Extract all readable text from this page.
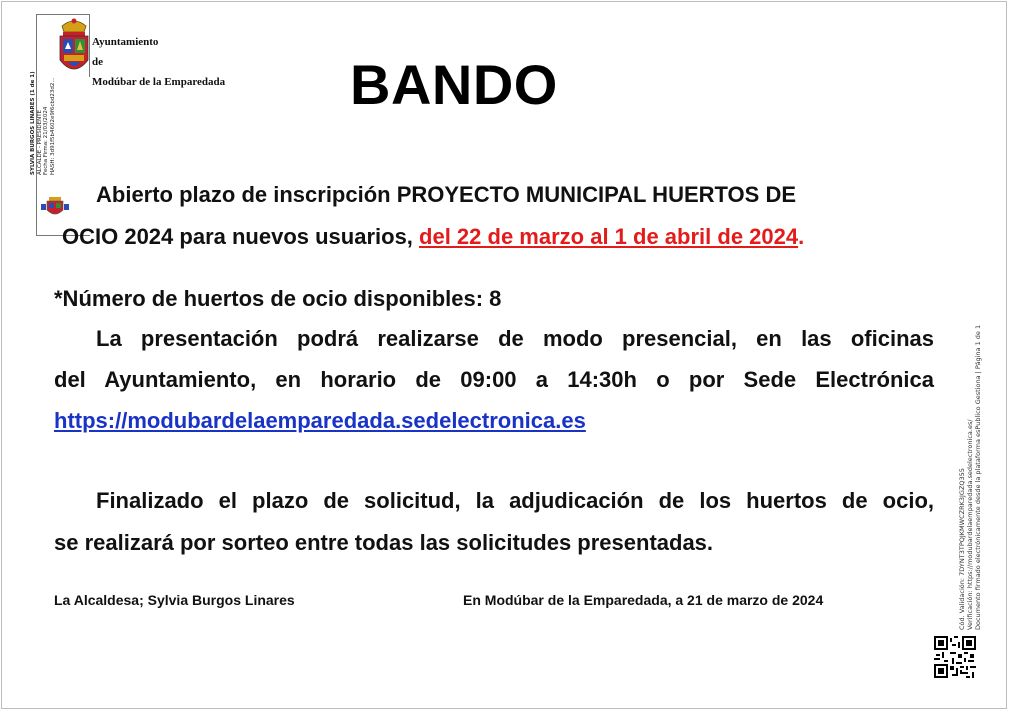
SYLVIA BURGOS LINARES (1 de 1) ALCALDE - PRESIDENTE Fecha Firma: 21/03/2024 HASH: 3d91f5b4602e9f6cbd23d2...
Ayuntamiento
de
Modúbar de la Emparedada BANDO
Abierto plazo de inscripción PROYECTO MUNICIPAL HUERTOS DE
OCIO 2024 para nuevos usuarios, del 22 de marzo al 1 de abril de 2024.
*Número de huertos de ocio disponibles: 8
La presentación podrá realizarse de modo presencial, en las oficinas
del Ayuntamiento, en horario de 09:00 a 14:30h o por Sede Electrónica
https://modubardelaemparedada.sedelectronica.es
Finalizado el plazo de solicitud, la adjudicación de los huertos de ocio,
se realizará por sorteo entre todas las solicitudes presentadas.
La Alcaldesa; Sylvia Burgos Linares	En Modúbar de la Emparedada, a 21 de marzo de 2024	Cód. Validación: 7DYNT3TPQJKMWCZRK3JGZQ355 Verificación: https://modubardelaemparedada.sedelectronica.es/ Documento firmado electrónicamente desde la plataforma esPublico Gestiona | Página 1 de 1
